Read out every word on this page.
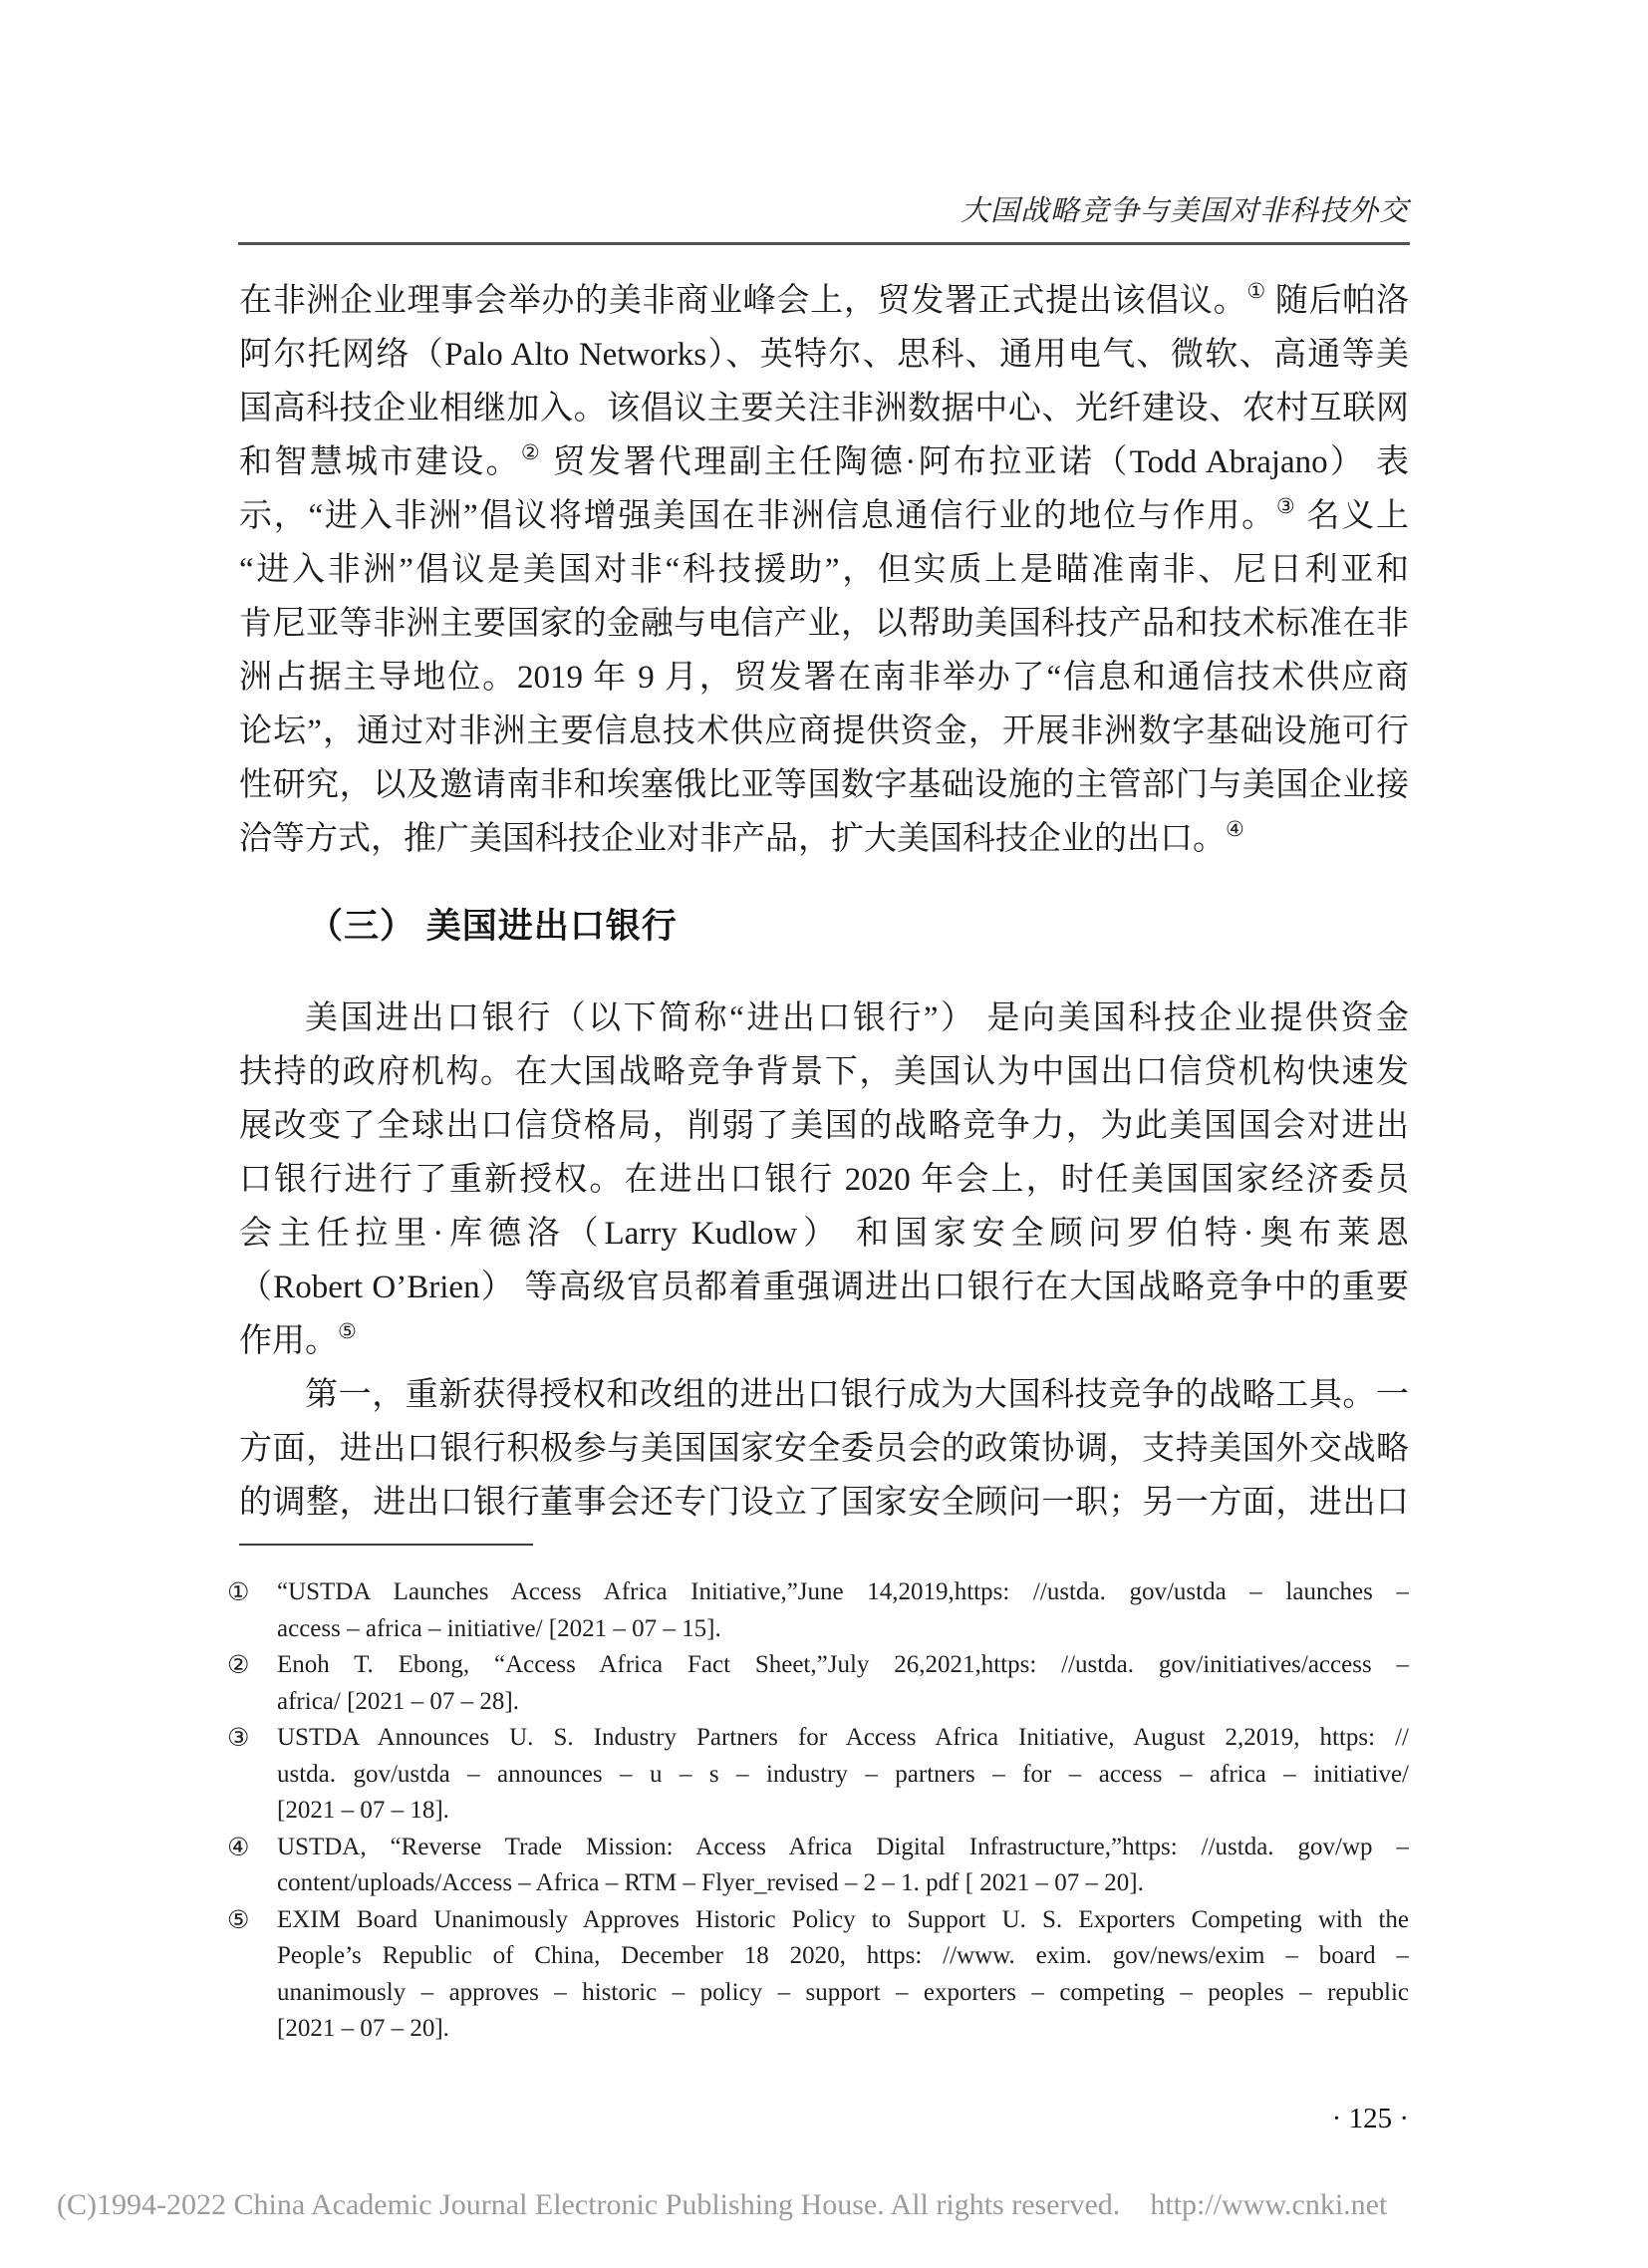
大国战略竞争与美国对非科技外交
在非洲企业理事会举办的美非商业峰会上，贸发署正式提出该倡议。① 随后帕洛
阿尔托网络（Palo Alto Networks）、英特尔、思科、通用电气、微软、高通等美
国高科技企业相继加入。该倡议主要关注非洲数据中心、光纤建设、农村互联网
和智慧城市建设。② 贸发署代理副主任陶德·阿布拉亚诺（Todd Abrajano） 表
示，“进入非洲”倡议将增强美国在非洲信息通信行业的地位与作用。③ 名义上
“进入非洲”倡议是美国对非“科技援助”，但实质上是瞄准南非、尼日利亚和
肯尼亚等非洲主要国家的金融与电信产业，以帮助美国科技产品和技术标准在非
洲占据主导地位。2019 年 9 月，贸发署在南非举办了“信息和通信技术供应商
论坛”，通过对非洲主要信息技术供应商提供资金，开展非洲数字基础设施可行
性研究，以及邀请南非和埃塞俄比亚等国数字基础设施的主管部门与美国企业接
洽等方式，推广美国科技企业对非产品，扩大美国科技企业的出口。④
（三） 美国进出口银行
美国进出口银行（以下简称“进出口银行”） 是向美国科技企业提供资金
扶持的政府机构。在大国战略竞争背景下，美国认为中国出口信贷机构快速发
展改变了全球出口信贷格局，削弱了美国的战略竞争力，为此美国国会对进出
口银行进行了重新授权。在进出口银行 2020 年会上，时任美国国家经济委员
会主任拉里·库德洛（Larry Kudlow） 和国家安全顾问罗伯特·奥布莱恩
（Robert O’Brien） 等高级官员都着重强调进出口银行在大国战略竞争中的重要
作用。⑤
第一，重新获得授权和改组的进出口银行成为大国科技竞争的战略工具。一
方面，进出口银行积极参与美国国家安全委员会的政策协调，支持美国外交战略
的调整，进出口银行董事会还专门设立了国家安全顾问一职；另一方面，进出口
①	“USTDA Launches Access Africa Initiative,”June 14,2019,https: //ustda. gov/ustda – launches –
access – africa – initiative/ [2021 – 07 – 15].
②	Enoh T. Ebong, “Access Africa Fact Sheet,”July 26,2021,https: //ustda. gov/initiatives/access –
africa/ [2021 – 07 – 28].
③	USTDA Announces U. S. Industry Partners for Access Africa Initiative, August 2,2019, https: //
ustda. gov/ustda – announces – u – s – industry – partners – for – access – africa – initiative/
[2021 – 07 – 18].
④	USTDA, “Reverse Trade Mission: Access Africa Digital Infrastructure,”https: //ustda. gov/wp –
content/uploads/Access – Africa – RTM – Flyer_revised – 2 – 1. pdf [ 2021 – 07 – 20].
⑤	EXIM Board Unanimously Approves Historic Policy to Support U. S. Exporters Competing with the
People’s Republic of China, December 18 2020, https: //www. exim. gov/news/exim – board –
unanimously – approves – historic – policy – support – exporters – competing – peoples – republic
[2021 – 07 – 20].
· 125 ·
(C)1994-2022 China Academic Journal Electronic Publishing House. All rights reserved. http://www.cnki.net
